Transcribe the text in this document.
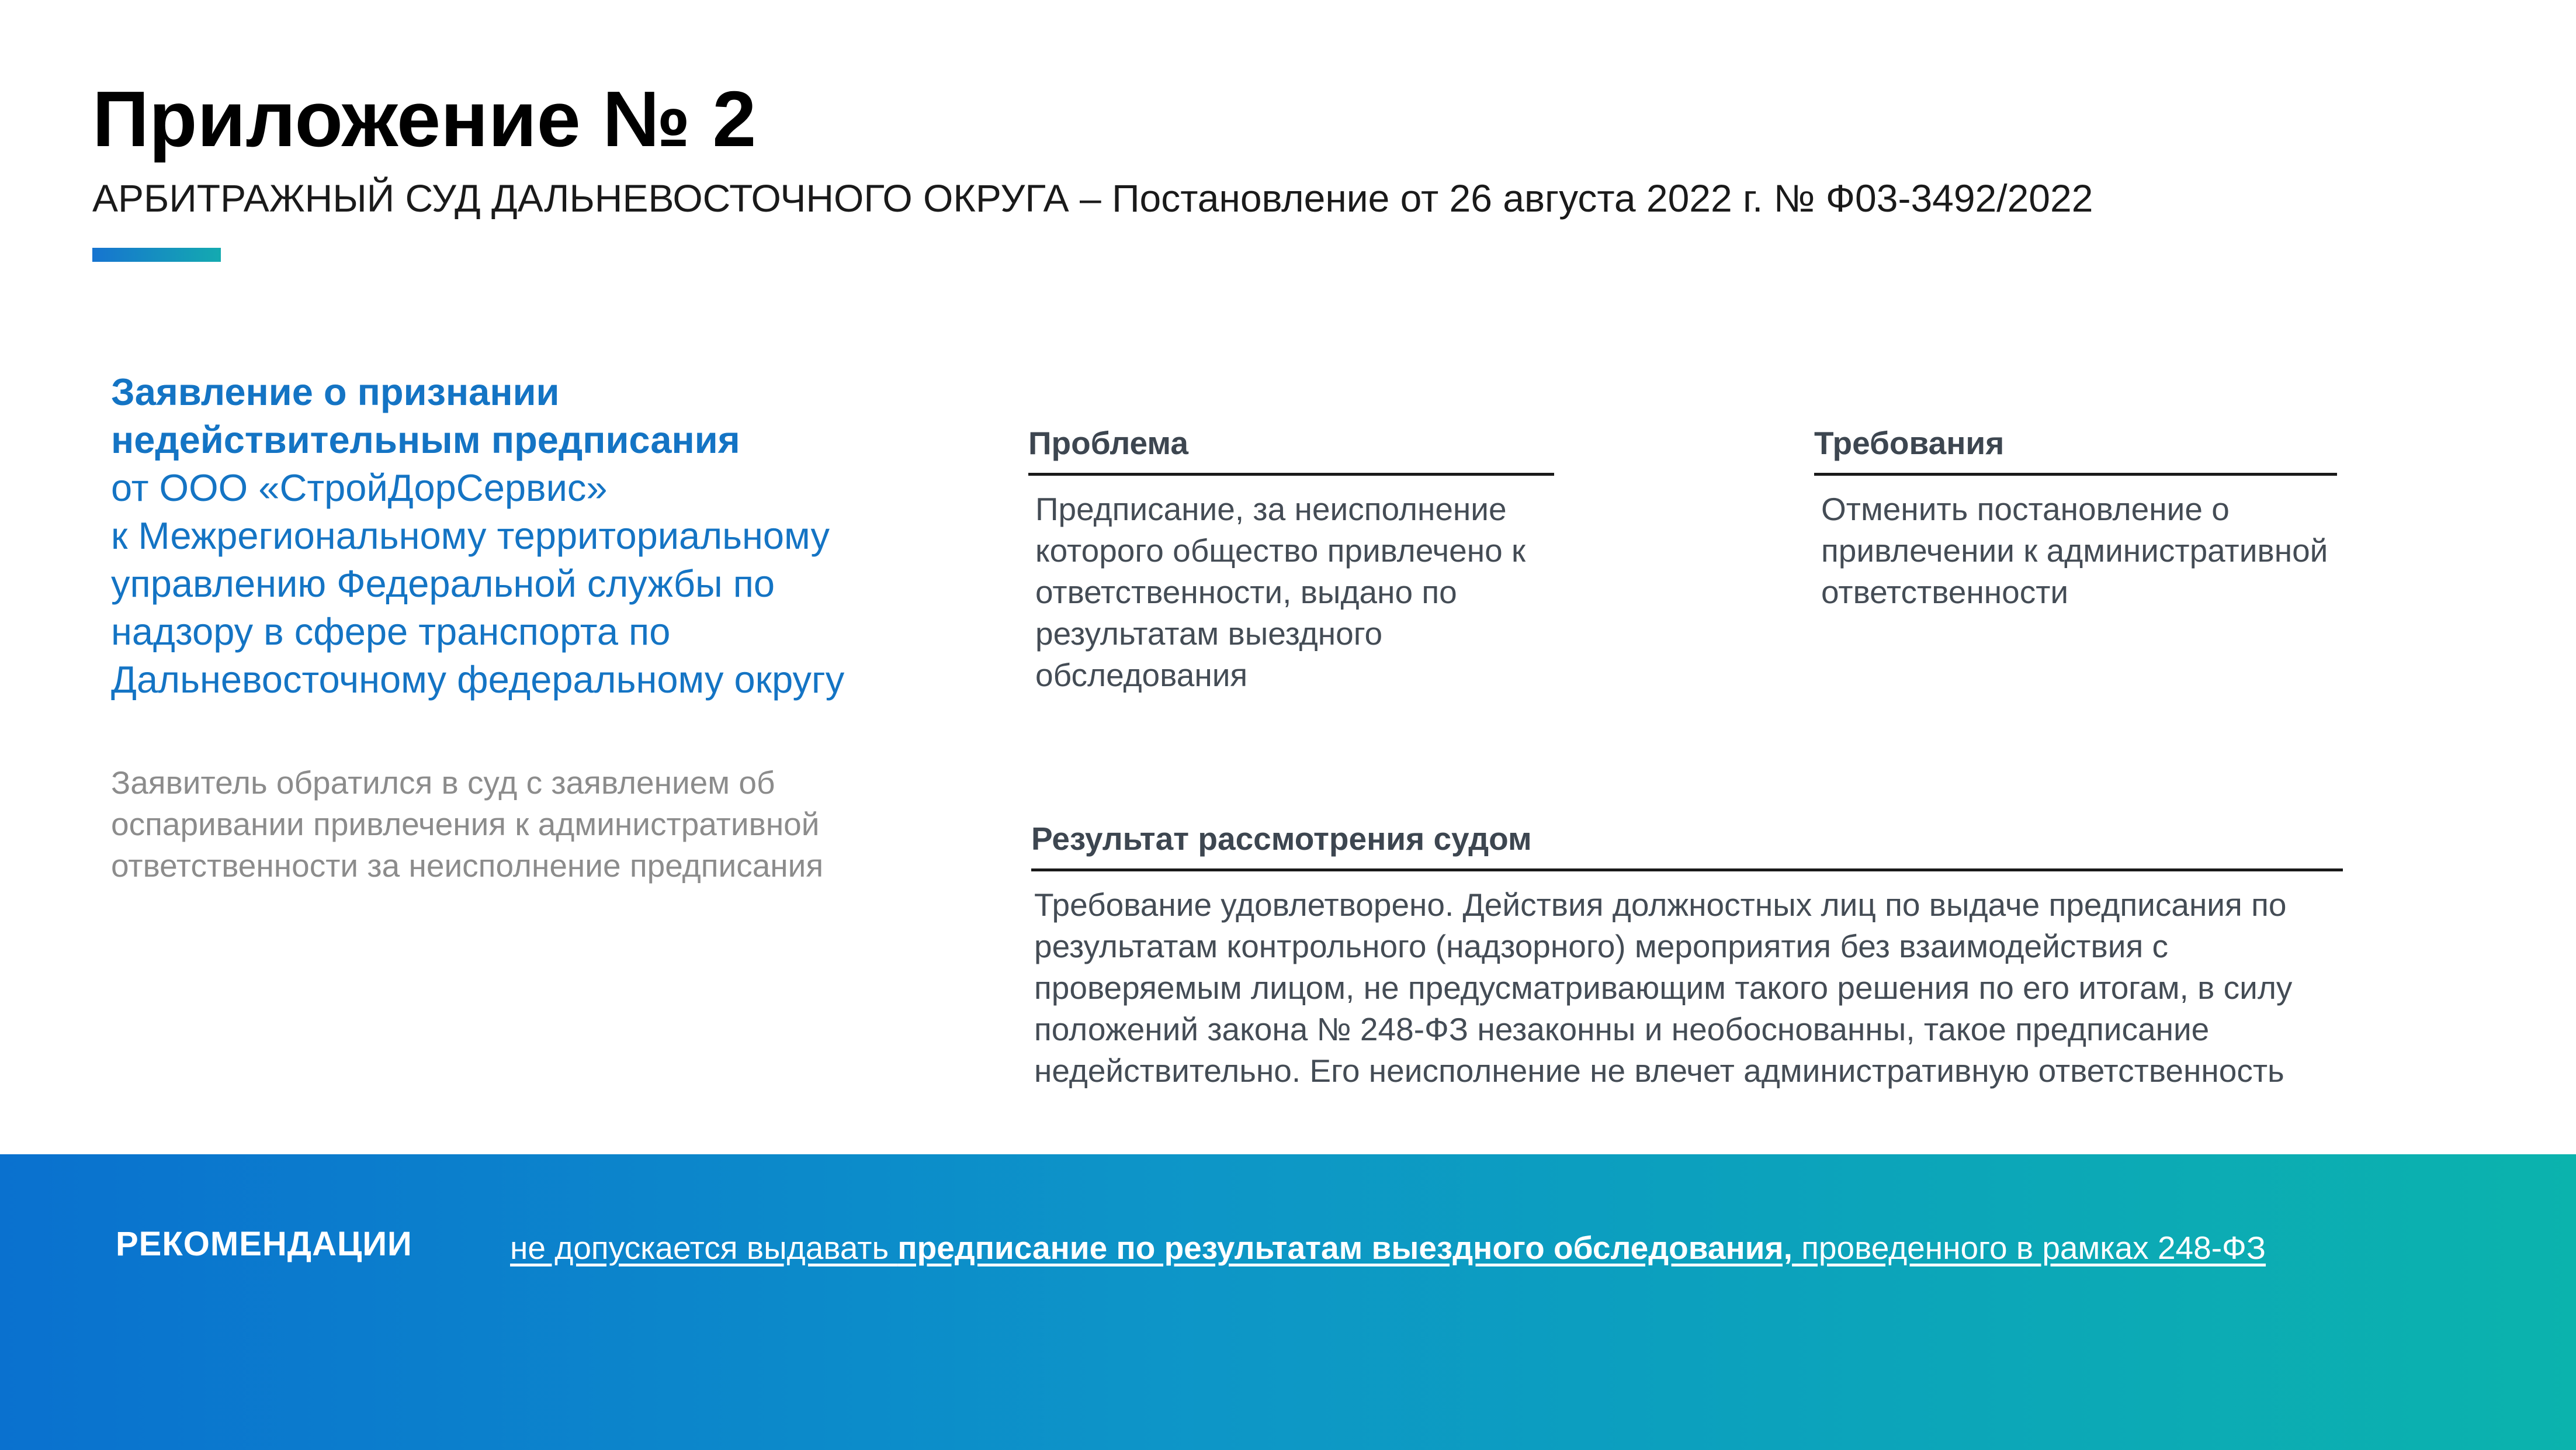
Приложение № 2
АРБИТРАЖНЫЙ СУД ДАЛЬНЕВОСТОЧНОГО ОКРУГА – Постановление от 26 августа 2022 г. № Ф03-3492/2022
Заявление о признании
недействительным предписания
от ООО «СтройДорСервис»
к Межрегиональному территориальному
управлению Федеральной службы по
надзору в сфере транспорта по
Дальневосточному федеральному округу
Заявитель обратился в суд с заявлением об оспаривании привлечения к административной ответственности за неисполнение предписания
Проблема
Предписание, за неисполнение которого общество привлечено к ответственности, выдано по результатам выездного обследования
Требования
Отменить постановление о привлечении к административной ответственности
Результат рассмотрения судом
Требование удовлетворено. Действия должностных лиц по выдаче предписания по результатам контрольного (надзорного) мероприятия без взаимодействия с проверяемым лицом, не предусматривающим такого решения по его итогам, в силу положений закона № 248-ФЗ незаконны и необоснованны, такое предписание недействительно. Его неисполнение не влечет административную ответственность
РЕКОМЕНДАЦИИ	не допускается выдавать предписание по результатам выездного обследования, проведенного в рамках 248-ФЗ
